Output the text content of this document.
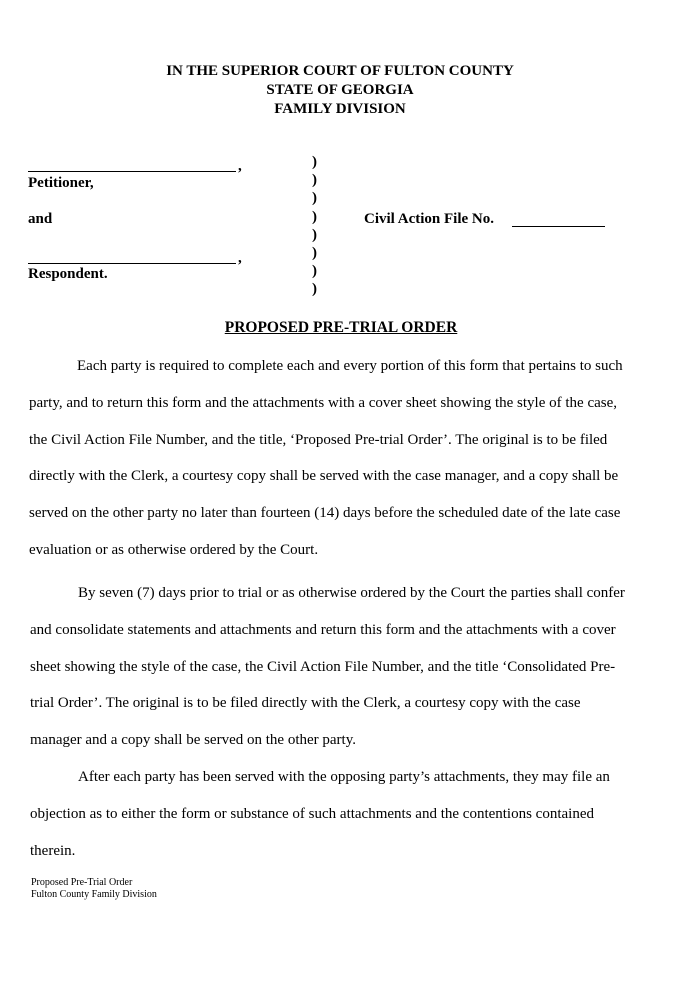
IN THE SUPERIOR COURT OF FULTON COUNTY
STATE OF GEORGIA
FAMILY DIVISION
,
Petitioner,
and
,
Respondent.
)
)
)
)
)
)
)
)
Civil Action File No.
PROPOSED PRE-TRIAL ORDER
Each party is required to complete each and every portion of this form that pertains to such
party, and to return this form and the attachments with a cover sheet showing the style of the case,
the Civil Action File Number, and the title, ‘Proposed Pre-trial Order’. The original is to be filed
directly with the Clerk, a courtesy copy shall be served with the case manager, and a copy shall be
served on the other party no later than fourteen (14) days before the scheduled date of the late case
evaluation or as otherwise ordered by the Court.
By seven (7) days prior to trial or as otherwise ordered by the Court the parties shall confer
and consolidate statements and attachments and return this form and the attachments with a cover
sheet showing the style of the case, the Civil Action File Number, and the title ‘Consolidated Pre-
trial Order’. The original is to be filed directly with the Clerk, a courtesy copy with the case
manager and a copy shall be served on the other party.
After each party has been served with the opposing party’s attachments, they may file an
objection as to either the form or substance of such attachments and the contentions contained
therein.
Proposed Pre-Trial Order
Fulton County Family Division
